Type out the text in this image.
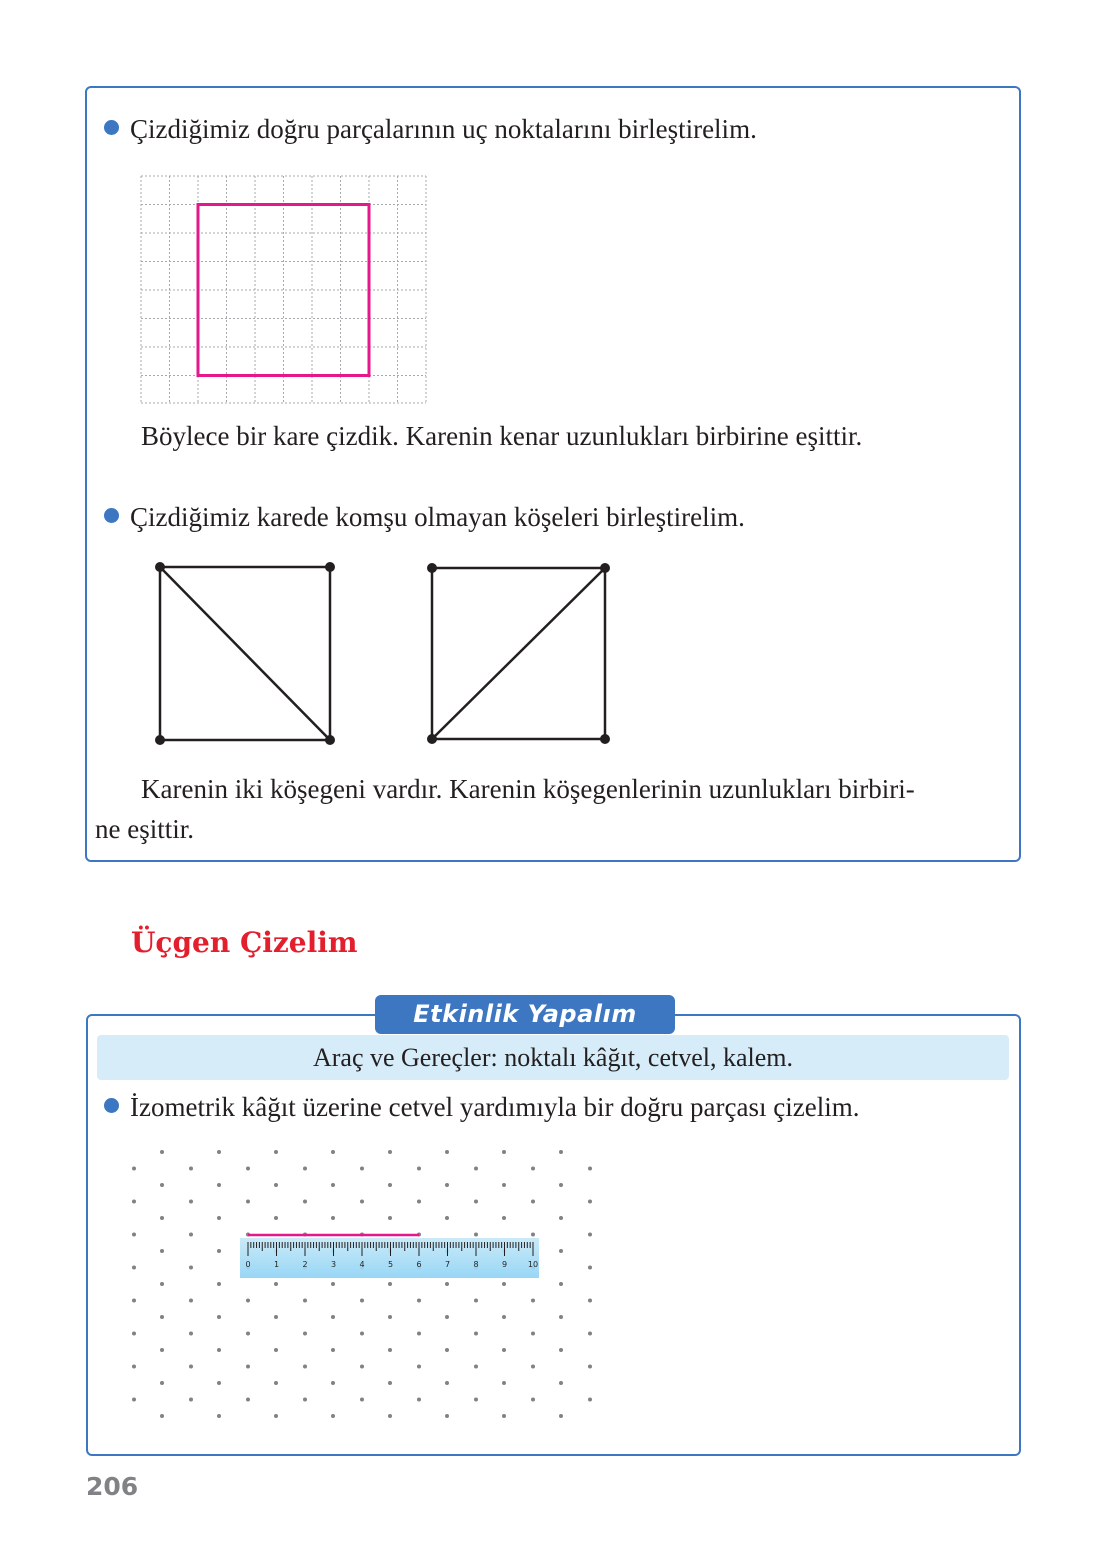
Çizdiğimiz doğru parçalarının uç noktalarını birleştirelim.
Böylece bir kare çizdik. Karenin kenar uzunlukları birbirine eşittir.
Çizdiğimiz karede komşu olmayan köşeleri birleştirelim.
Karenin iki köşegeni vardır. Karenin köşegenlerinin uzunlukları birbiri-
ne eşittir.
Üçgen Çizelim
Etkinlik Yapalım
Araç ve Gereçler: noktalı kâğıt, cetvel, kalem.
İzometrik kâğıt üzerine cetvel yardımıyla bir doğru parçası çizelim.
0	1	2	3	4	5	6	7	8	9	10
206
